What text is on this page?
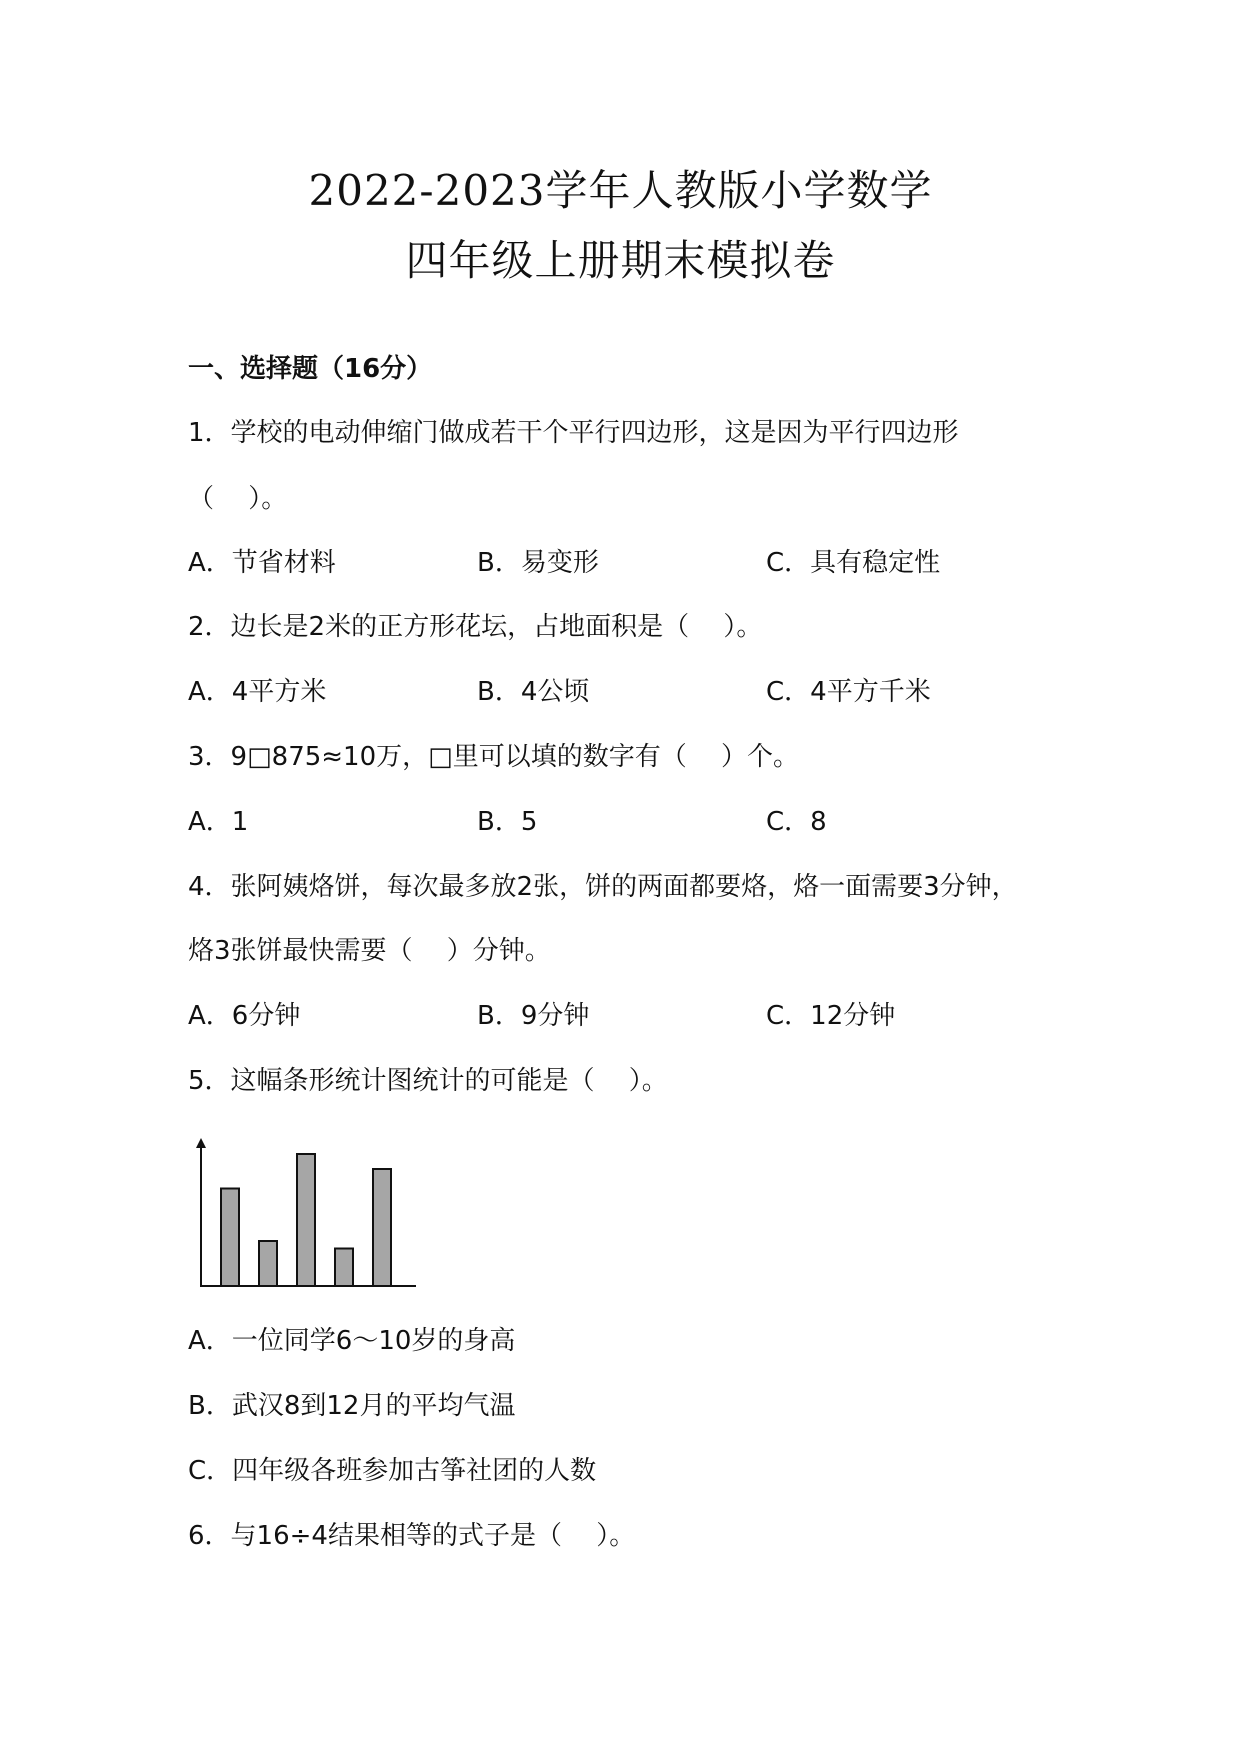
2022-2023学年人教版小学数学
四年级上册期末模拟卷
一、选择题（16分）
1．学校的电动伸缩门做成若干个平行四边形，这是因为平行四边形
（　 ）。
A．节省材料	B．易变形	C．具有稳定性
2．边长是2米的正方形花坛，占地面积是（　 ）。
A．4平方米	B．4公顷	C．4平方千米
3．9□875≈10万，□里可以填的数字有（　 ）个。
A．1	B．5	C．8
4．张阿姨烙饼，每次最多放2张，饼的两面都要烙，烙一面需要3分钟，
烙3张饼最快需要（　 ）分钟。
A．6分钟	B．9分钟	C．12分钟
5．这幅条形统计图统计的可能是（　 ）。
A．一位同学6～10岁的身高
B．武汉8到12月的平均气温
C．四年级各班参加古筝社团的人数
6．与16÷4结果相等的式子是（　 ）。
